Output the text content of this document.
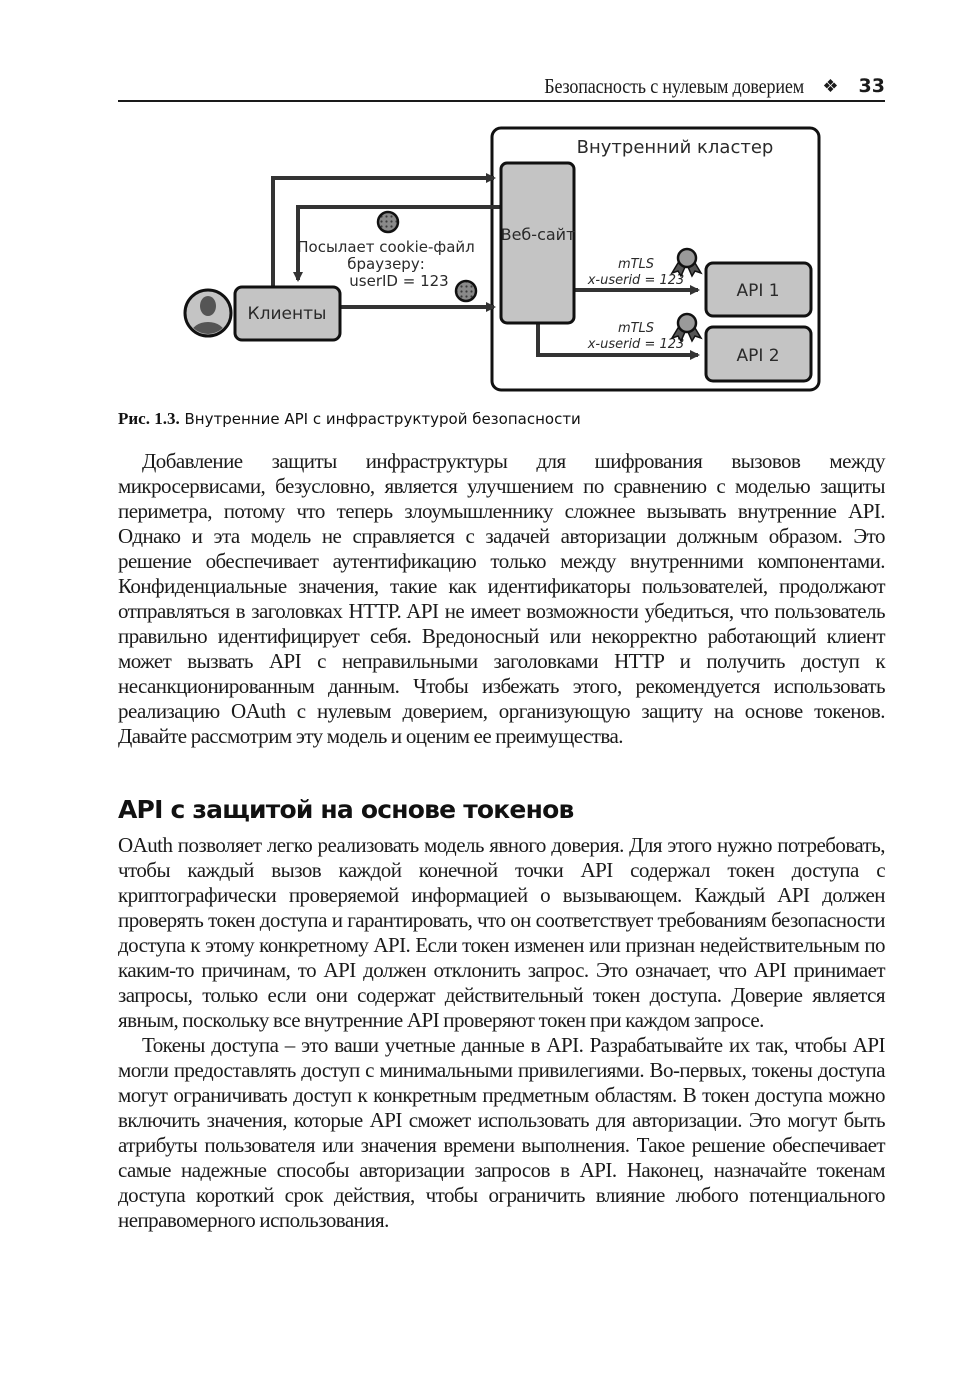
Безопасность с нулевым доверием ❖ 33
Внутренний кластер
Веб-сайт
Клиенты
Посылает cookie-файл
браузеру:
userID = 123
mTLS
x-userid = 123
mTLS
x-userid = 123
API 1
API 2
Рис. 1.3. Внутренние API с инфраструктурой безопасности

Добавление защиты инфраструктуры для шифрования вызовов между микросервисами, безусловно, является улучшением по сравнению с моделью защиты периметра, потому что теперь злоумышленнику сложнее вызывать внутренние API. Однако и эта модель не справляется с задачей авторизации должным образом. Это решение обеспечивает аутентификацию только между внутренними компонентами. Конфиденциальные значения, такие как идентификаторы пользователей, продолжают отправляться в заголовках HTTP. API не имеет возможности убедиться, что пользователь правильно идентифицирует себя. Вредоносный или некорректно работающий клиент может вызвать API с неправильными заголовками HTTP и получить доступ к несанкционированным данным. Чтобы избежать этого, рекомендуется использовать реализацию OAuth с нулевым доверием, организующую защиту на основе токенов. Давайте рассмотрим эту модель и оценим ее преимущества.

API с защитой на основе токенов

OAuth позволяет легко реализовать модель явного доверия. Для этого нужно потребовать, чтобы каждый вызов каждой конечной точки API содержал токен доступа с криптографически проверяемой информацией о вызывающем. Каждый API должен проверять токен доступа и гарантировать, что он соответствует требованиям безопасности доступа к этому конкретному API. Если токен изменен или признан недействительным по каким-то причинам, то API должен отклонить запрос. Это означает, что API принимает запросы, только если они содержат действительный токен доступа. Доверие является явным, поскольку все внутренние API проверяют токен при каждом запросе.

Токены доступа – это ваши учетные данные в API. Разрабатывайте их так, чтобы API могли предоставлять доступ с минимальными привилегиями. Во-первых, токены доступа могут ограничивать доступ к конкретным предметным областям. В токен доступа можно включить значения, которые API сможет использовать для авторизации. Это могут быть атрибуты пользователя или значения времени выполнения. Такое решение обеспечивает самые надежные способы авторизации запросов в API. Наконец, назначайте токенам доступа короткий срок действия, чтобы ограничить влияние любого потенциального неправомерного использования.
